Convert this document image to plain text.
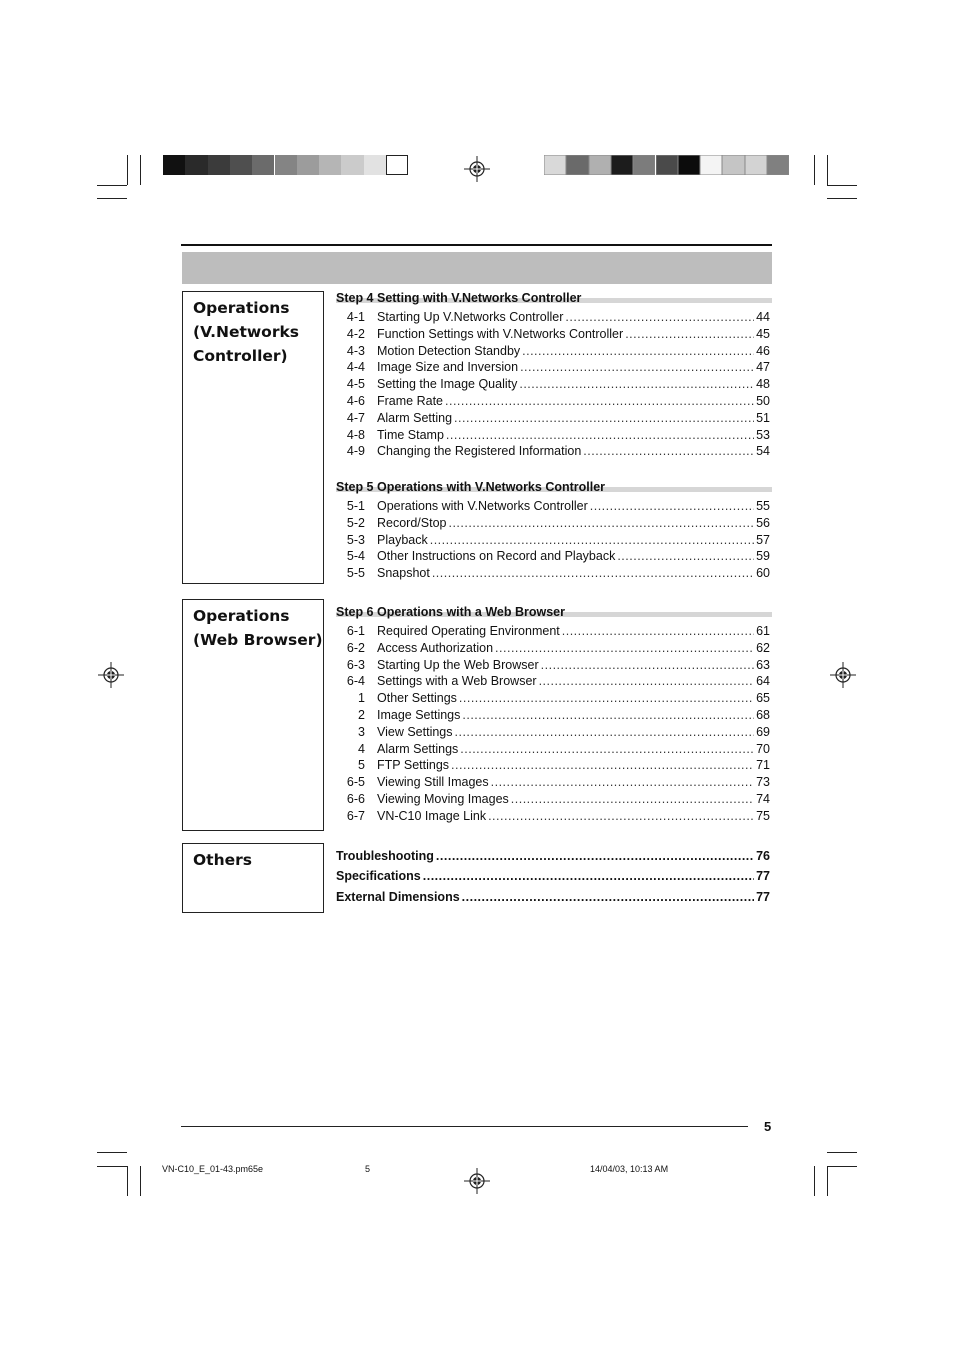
Operations
(V.Networks
Controller)
Operations
(Web Browser)
Others
Step 4 Setting with V.Networks Controller
Step 5 Operations with V.Networks Controller
Step 6 Operations with a Web Browser
4-1 Starting Up V.Networks Controller .....	44
4-2 Function Settings with V.Networks Controller .....	45
4-3 Motion Detection Standby .....	46
4-4 Image Size and Inversion .....	47
4-5 Setting the Image Quality .....	48
4-6 Frame Rate .....	50
4-7 Alarm Setting .....	51
4-8 Time Stamp .....	53
4-9 Changing the Registered Information .....	54
5-1 Operations with V.Networks Controller .....	55
5-2 Record/Stop .....	56
5-3 Playback .....	57
5-4 Other Instructions on Record and Playback .....	59
5-5 Snapshot .....	60
6-1 Required Operating Environment .....	61
6-2 Access Authorization .....	62
6-3 Starting Up the Web Browser .....	63
6-4 Settings with a Web Browser .....	64
1 Other Settings .....	65
2 Image Settings .....	68
3 View Settings .....	69
4 Alarm Settings .....	70
5 FTP Settings .....	71
6-5 Viewing Still Images .....	73
6-6 Viewing Moving Images .....	74
6-7 VN-C10 Image Link .....	75
Troubleshooting .....	76
Specifications .....	77
External Dimensions .....	77
5
VN-C10_E_01-43.pm65e	5	14/04/03, 10:13 AM
